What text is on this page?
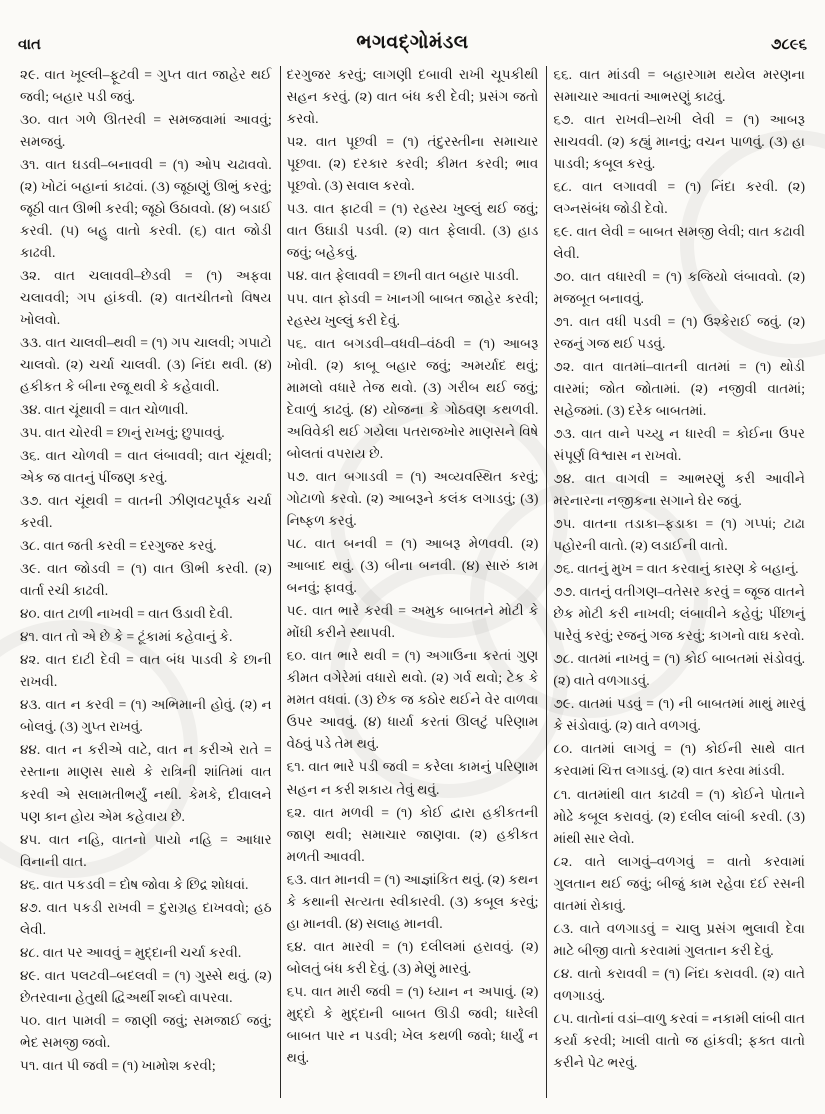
વાત	ભગવદ્ગોમંડલ	૭૮૯૬

૨૯. વાત ખૂલ્લી–ફૂટવી = ગુપ્ત વાત જાહેર થઈ જવી; બહાર પડી જવું.

૩૦. વાત ગળે ઊતરવી = સમજવામાં આવવું; સમજવું.

૩૧. વાત ઘડવી–બનાવવી = (૧) ઓપ ચઢાવવો. (૨) ખોટાં બહાનાં કાઢવાં. (૩) જૂઠાણું ઊભું કરવું; જૂઠી વાત ઊભી કરવી; જૂઠો ઉઠાવવો. (૪) બડાઈ કરવી. (૫) બહુ વાતો કરવી. (૬) વાત જોડી કાઢવી.

૩૨. વાત ચલાવવી–છેડવી = (૧) અફવા ચલાવવી; ગપ હાંકવી. (૨) વાતચીતનો વિષય ખોલવો.

૩૩. વાત ચાલવી–થવી = (૧) ગપ ચાલવી; ગપાટો ચાલવો. (૨) ચર્ચા ચાલવી. (૩) નિંદા થવી. (૪) હકીકત કે બીના રજૂ થવી કે કહેવાવી.

૩૪. વાત ચૂંથાવી = વાત ચોળાવી.

૩૫. વાત ચોરવી = છાનું રાખવું; છુપાવવું.

૩૬. વાત ચોળવી = વાત લંબાવવી; વાત ચૂંથવી; એક જ વાતનું પીંજણ કરવું.

૩૭. વાત ચૂંથવી = વાતની ઝીણવટપૂર્વક ચર્ચા કરવી.

૩૮. વાત જતી કરવી = દરગુજર કરવું.

૩૯. વાત જોડવી = (૧) વાત ઊભી કરવી. (૨) વાર્તા રચી કાઢવી.

૪૦. વાત ટાળી નાખવી = વાત ઉડાવી દેવી.

૪૧. વાત તો એ છે કે = ટૂંકામાં કહેવાનું કે.

૪૨. વાત દાટી દેવી = વાત બંધ પાડવી કે છાની રાખવી.

૪૩. વાત ન કરવી = (૧) અભિમાની હોવું. (૨) ન બોલવું. (૩) ગુપ્ત રાખવું.

૪૪. વાત ન કરીએ વાટે, વાત ન કરીએ રાતે = રસ્તાના માણસ સાથે કે રાત્રિની શાંતિમાં વાત કરવી એ સલામતીભર્યું નથી. કેમકે, દીવાલને પણ કાન હોય એમ કહેવાય છે.

૪૫. વાત નહિ, વાતનો પાયો નહિ = આધાર વિનાની વાત.

૪૬. વાત પકડવી = દોષ જોવા કે છિદ્ર શોધવાં.

૪૭. વાત પકડી રાખવી = દુરાગ્રહ દાખવવો; હઠ લેવી.

૪૮. વાત પર આવવું = મુદ્દાની ચર્ચા કરવી.

૪૯. વાત પલટવી–બદલવી = (૧) ગુસ્સે થવું. (૨) છેતરવાના હેતુથી દ્વિઅર્થી શબ્દો વાપરવા.

૫૦. વાત પામવી = જાણી જવું; સમજાઈ જવું; ભેદ સમજી જવો.

૫૧. વાત પી જવી = (૧) ખામોશ કરવી;

દરગુજર કરવું; લાગણી દબાવી રાખી ચૂપકીથી સહન કરવું. (૨) વાત બંધ કરી દેવી; પ્રસંગ જતો કરવો.

૫૨. વાત પૂછવી = (૧) તંદુરસ્તીના સમાચાર પૂછવા. (૨) દરકાર કરવી; કીમત કરવી; ભાવ પૂછવો. (૩) સવાલ કરવો.

૫૩. વાત ફાટવી = (૧) રહસ્ય ખુલ્લું થઈ જવું; વાત ઉઘાડી પડવી. (૨) વાત ફેલાવી. (૩) હાડ જવું; બહેકવું.

૫૪. વાત ફેલાવવી = છાની વાત બહાર પાડવી.

૫૫. વાત ફોડવી = ખાનગી બાબત જાહેર કરવી; રહસ્ય ખુલ્લું કરી દેવું.

૫૬. વાત બગડવી–વધવી–વંઠવી = (૧) આબરૂ ખોવી. (૨) કાબૂ બહાર જવું; અમર્યાદ થવું; મામલો વધારે તેજ થવો. (૩) ગરીબ થઈ જવું; દેવાળું કાઢવું. (૪) યોજના કે ગોઠવણ કથળવી. અવિવેકી થઈ ગયેલા પતરાજખોર માણસને વિષે બોલતાં વપરાય છે.

૫૭. વાત બગાડવી = (૧) અવ્યવસ્થિત કરવું; ગોટાળો કરવો. (૨) આબરૂને કલંક લગાડવું; (૩) નિષ્ફળ કરવું.

૫૮. વાત બનવી = (૧) આબરૂ મેળવવી. (૨) આબાદ થવું. (૩) બીના બનવી. (૪) સારું કામ બનવું; ફાવવું.

૫૯. વાત ભારે કરવી = અમુક બાબતને મોટી કે મોંઘી કરીને સ્થાપવી.

૬૦. વાત ભારે થવી = (૧) અગાઉના કરતાં ગુણ કીમત વગેરેમાં વધારો થવો. (૨) ગર્વ થવો; ટેક કે મમત વધવાં. (૩) છેક જ કઠોર થઈને વેર વાળવા ઉપર આવવું. (૪) ધાર્યા કરતાં ઊલટું પરિણામ વેઠવું પડે તેમ થવું.

૬૧. વાત ભારે પડી જવી = કરેલા કામનું પરિણામ સહન ન કરી શકાય તેવું થવું.

૬૨. વાત મળવી = (૧) કોઈ દ્વારા હકીકતની જાણ થવી; સમાચાર જાણવા. (૨) હકીકત મળતી આવવી.

૬૩. વાત માનવી = (૧) આજ્ઞાંકિત થવું. (૨) કથન કે કથાની સત્યતા સ્વીકારવી. (૩) કબૂલ કરવું; હા માનવી. (૪) સલાહ માનવી.

૬૪. વાત મારવી = (૧) દલીલમાં હરાવવું. (૨) બોલતું બંધ કરી દેવું. (૩) મેણું મારવું.

૬૫. વાત મારી જવી = (૧) ધ્યાન ન અપાવું. (૨) મુદ્દો કે મુદ્દાની બાબત ઊડી જવી; ધારેલી બાબત પાર ન પડવી; ખેલ કથળી જવો; ધાર્યું ન થવું.

૬૬. વાત માંડવી = બહારગામ થયેલ મરણના સમાચાર આવતાં આભરણું કાઢવું.

૬૭. વાત રાખવી–રાખી લેવી = (૧) આબરૂ સાચવવી. (૨) કહ્યું માનવું; વચન પાળવું. (૩) હા પાડવી; કબૂલ કરવું.

૬૮. વાત લગાવવી = (૧) નિંદા કરવી. (૨) લગ્નસંબંધ જોડી દેવો.

૬૯. વાત લેવી = બાબત સમજી લેવી; વાત કઢાવી લેવી.

૭૦. વાત વધારવી = (૧) કજિયો લંબાવવો. (૨) મજબૂત બનાવવું.

૭૧. વાત વધી પડવી = (૧) ઉશ્કેરાઈ જવું. (૨) રજનું ગજ થઈ પડવું.

૭૨. વાત વાતમાં–વાતની વાતમાં = (૧) થોડી વારમાં; જોત જોતામાં. (૨) નજીવી વાતમાં; સહેજમાં. (૩) દરેક બાબતમાં.

૭૩. વાત વાને પચ્યુ ન ધારવી = કોઈના ઉપર સંપૂર્ણ વિશ્વાસ ન રાખવો.

૭૪. વાત વાગવી = આભરણું કરી આવીને મરનારના નજીકના સગાને ઘેર જવું.

૭૫. વાતના તડાકા–ફડાકા = (૧) ગપ્પાં; ટાઢા પહોરની વાતો. (૨) લડાઈની વાતો.

૭૬. વાતનું મુખ = વાત કરવાનું કારણ કે બહાનું.

૭૭. વાતનું વતીગણ–વતેસર કરવું = જૂજ વાતને છેક મોટી કરી નાખવી; લંબાવીને કહેવું; પીંછાનું પારેવું કરવું; રજનું ગજ કરવું; કાગનો વાઘ કરવો.

૭૮. વાતમાં નાખવું = (૧) કોઈ બાબતમાં સંડોવવું. (૨) વાતે વળગાડવું.

૭૯. વાતમાં પડવું = (૧) ની બાબતમાં માથું મારવું કે સંડોવાવું. (૨) વાતે વળગવું.

૮૦. વાતમાં લાગવું = (૧) કોઈની સાથે વાત કરવામાં ચિત્ત લગાડવું. (૨) વાત કરવા માંડવી.

૮૧. વાતમાંથી વાત કાઢવી = (૧) કોઈને પોતાને મોઢે કબૂલ કરાવવું. (૨) દલીલ લાંબી કરવી. (૩) માંથી સાર લેવો.

૮૨. વાતે લાગવું–વળગવું = વાતો કરવામાં ગુલતાન થઈ જવું; બીજું કામ રહેવા દઈ રસની વાતમાં રોકાવું.

૮૩. વાતે વળગાડવું = ચાલુ પ્રસંગ ભુલાવી દેવા માટે બીજી વાતો કરવામાં ગુલતાન કરી દેવું.

૮૪. વાતો કરાવવી = (૧) નિંદા કરાવવી. (૨) વાતે વળગાડવું.

૮૫. વાતોનાં વડાં–વાળુ કરવાં = નકામી લાંબી વાત કર્યા કરવી; ખાલી વાતો જ હાંકવી; ફક્ત વાતો કરીને પેટ ભરવું.
